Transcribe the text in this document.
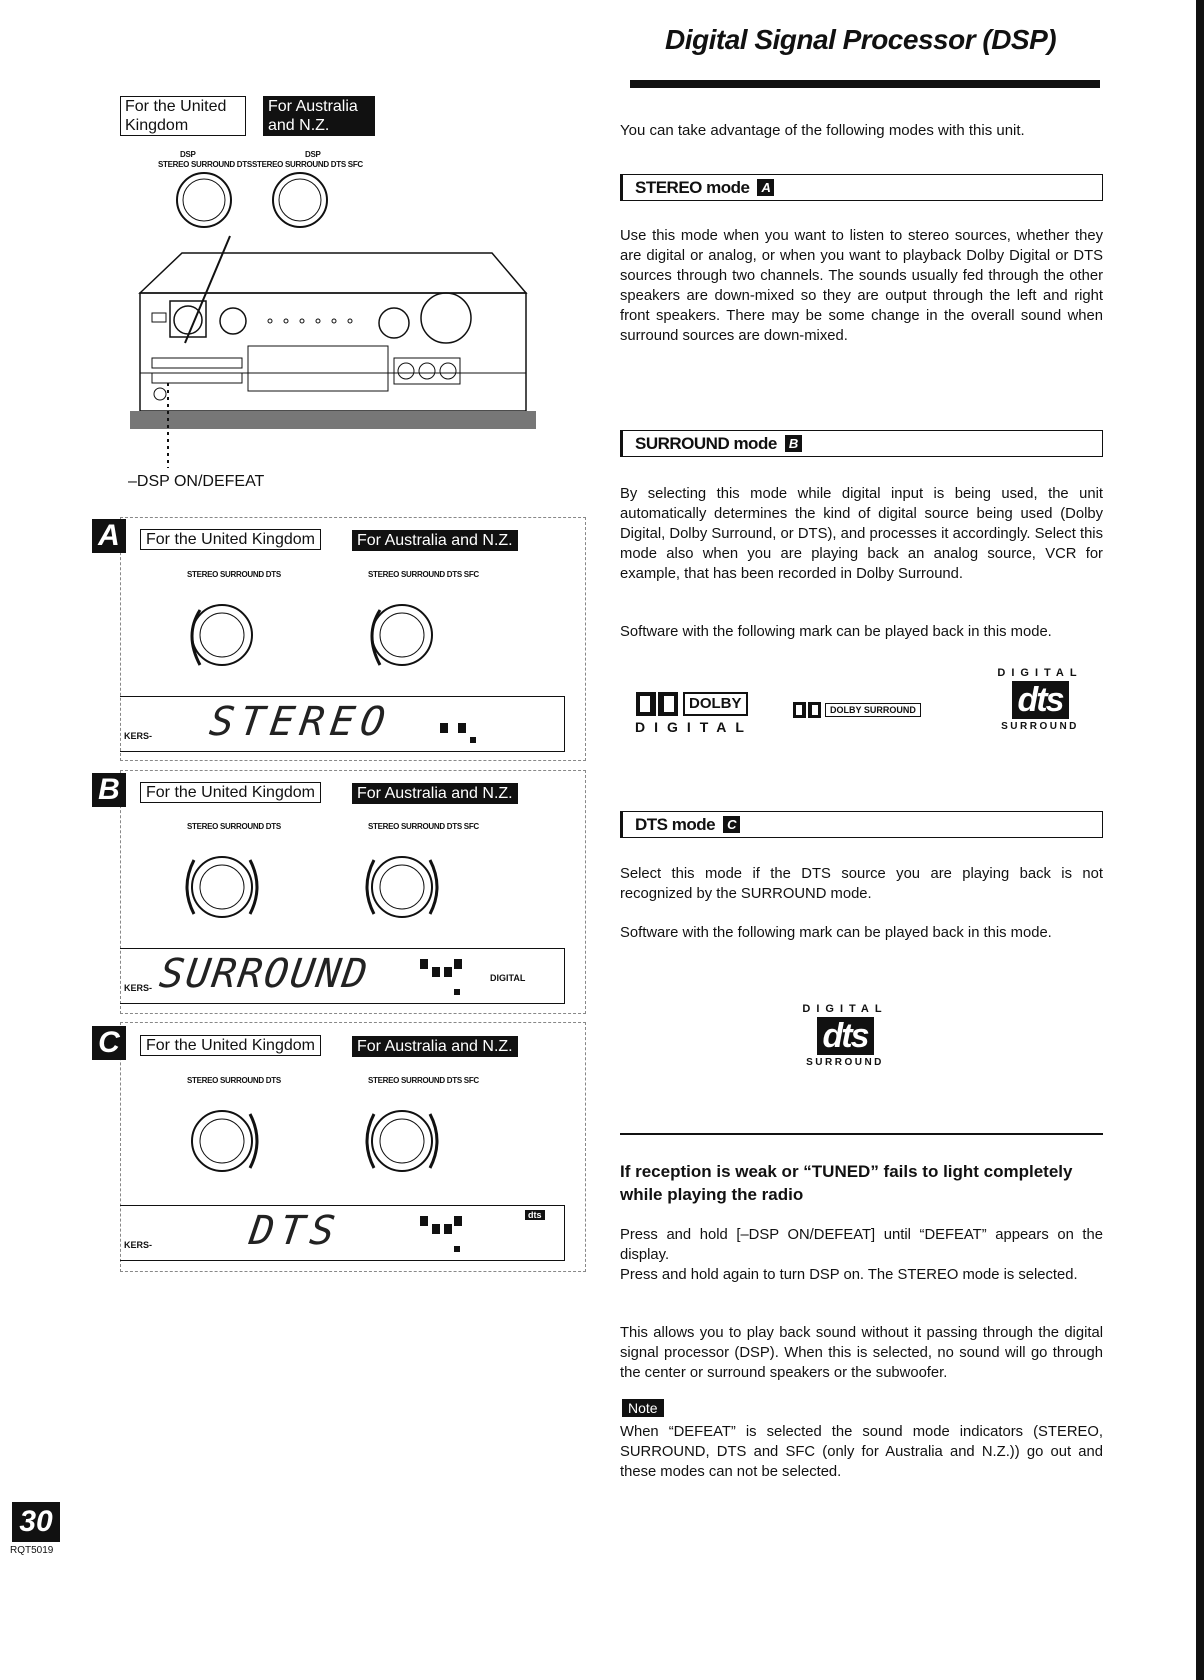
Digital Signal Processor (DSP)
You can take advantage of the following modes with this unit.
STEREO mode A
Use this mode when you want to listen to stereo sources, whether they are digital or analog, or when you want to playback Dolby Digital or DTS sources through two channels. The sounds usually fed through the other speakers are down-mixed so they are output through the left and right front speakers. There may be some change in the overall sound when surround sources are down-mixed.
SURROUND mode B
By selecting this mode while digital input is being used, the unit automatically determines the kind of digital source being used (Dolby Digital, Dolby Surround, or DTS), and processes it accordingly. Select this mode also when you are playing back an analog source, VCR for example, that has been recorded in Dolby Surround.
Software with the following mark can be played back in this mode.
DOLBY
DIGITAL
DOLBY SURROUND
DIGITAL
dts
SURROUND
DTS mode C
Select this mode if the DTS source you are playing back is not recognized by the SURROUND mode.
Software with the following mark can be played back in this mode.
DIGITAL
dts
SURROUND
If reception is weak or “TUNED” fails to light completely while playing the radio
Press and hold [–DSP ON/DEFEAT] until “DEFEAT” appears on the display.
Press and hold again to turn DSP on. The STEREO mode is selected.
This allows you to play back sound without it passing through the digital signal processor (DSP). When this is selected, no sound will go through the center or surround speakers or the subwoofer.
Note
When “DEFEAT” is selected the sound mode indicators (STEREO, SURROUND, DTS and SFC (only for Australia and N.Z.)) go out and these modes can not be selected.
For the United
Kingdom
For Australia
and N.Z.
DSP	DSP
STEREO SURROUND DTS STEREO SURROUND DTS SFC
–DSP ON/DEFEAT
A	For the United Kingdom	For Australia and N.Z.
STEREO SURROUND DTS	STEREO SURROUND DTS SFC
KERS- STEREO
B	For the United Kingdom	For Australia and N.Z.
STEREO SURROUND DTS	STEREO SURROUND DTS SFC
KERS- SURROUND	DIGITAL
C	For the United Kingdom	For Australia and N.Z.
STEREO SURROUND DTS	STEREO SURROUND DTS SFC
KERS- DTS	dts
30
RQT5019
